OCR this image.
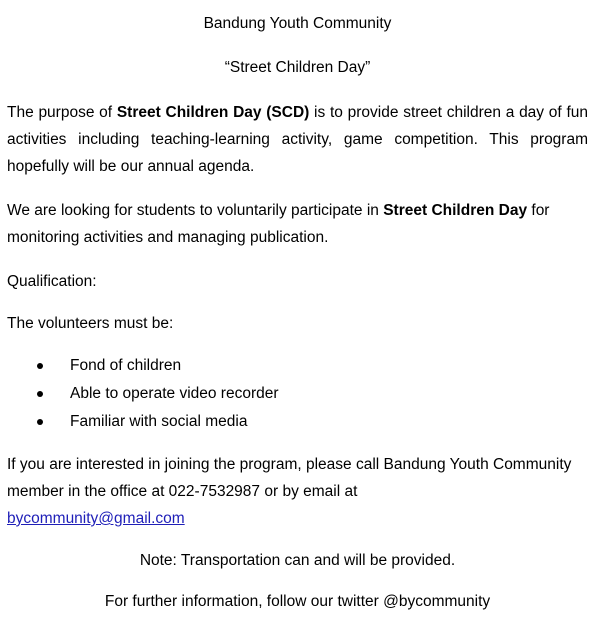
Bandung Youth Community
“Street Children Day”

The purpose of Street Children Day (SCD) is to provide street children a day of fun activities including teaching-learning activity, game competition. This program hopefully will be our annual agenda.

We are looking for students to voluntarily participate in Street Children Day for monitoring activities and managing publication.

Qualification:
The volunteers must be:
Fond of children
Able to operate video recorder
Familiar with social media
If you are interested in joining the program, please call Bandung Youth Community member in the office at 022-7532987 or by email at
bycommunity@gmail.com
Note: Transportation can and will be provided.
For further information, follow our twitter @bycommunity
